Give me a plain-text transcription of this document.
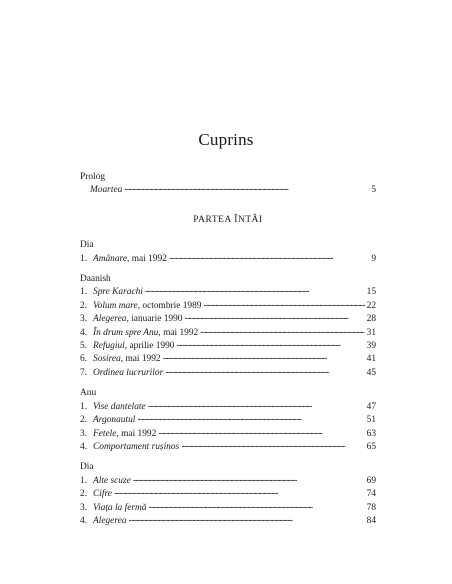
Cuprins
Prolog
Moartea . . .	5
PARTEA ÎNTÂI
Dia
1. Amânare, mai 1992 . . .	9
Daanish
1. Spre Karachi . . .	15
2. Volum mare, octombrie 1989 . . .	22
3. Alegerea, ianuarie 1990 . . .	28
4. În drum spre Anu, mai 1992 . . .	31
5. Refugiul, aprilie 1990 . . .	39
6. Sosirea, mai 1992 . . .	41
7. Ordinea lucrurilor . . .	45
Anu
1. Vise dantelate . . .	47
2. Argonautul . . .	51
3. Fetele, mai 1992 . . .	63
4. Comportament rușinos . . .	65
Dia
1. Alte scuze . . .	69
2. Cifre . . .	74
3. Viața la fermă . . .	78
4. Alegerea . . .	84
